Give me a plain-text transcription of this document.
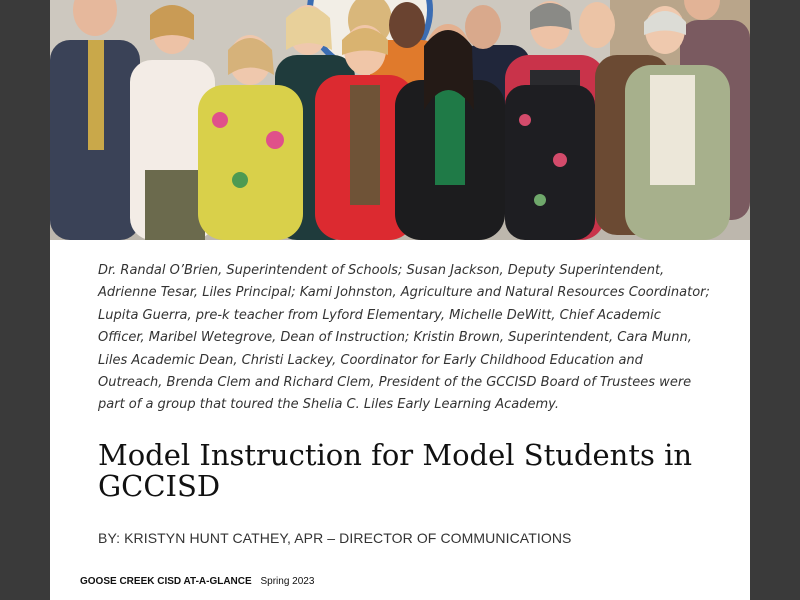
Dr. Randal O’Brien, Superintendent of Schools; Susan Jackson, Deputy Superintendent, Adrienne Tesar, Liles Principal; Kami Johnston, Agriculture and Natural Resources Coordinator; Lupita Guerra, pre-k teacher from Lyford Elementary, Michelle DeWitt, Chief Academic Officer, Maribel Wetegrove, Dean of Instruction; Kristin Brown, Superintendent, Cara Munn, Liles Academic Dean, Christi Lackey, Coordinator for Early Childhood Education and Outreach, Brenda Clem and Richard Clem, President of the GCCISD Board of Trustees were part of a group that toured the Shelia C. Liles Early Learning Academy.

Model Instruction for Model Students in GCCISD
BY: KRISTYN HUNT CATHEY, APR – DIRECTOR OF COMMUNICATIONS
GOOSE CREEK CISD AT-A-GLANCE Spring 2023
